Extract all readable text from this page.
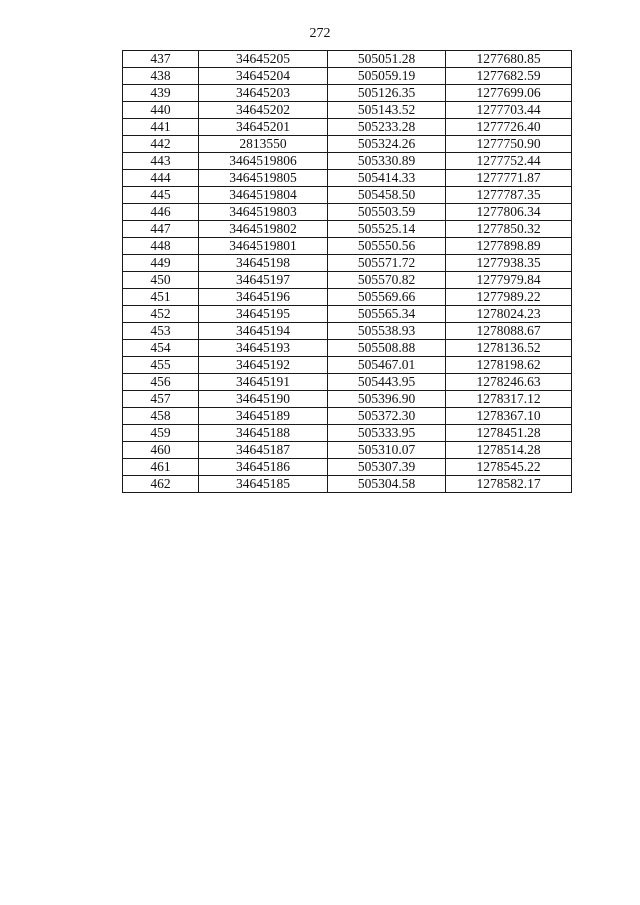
272
437	34645205	505051.28	1277680.85
438	34645204	505059.19	1277682.59
439	34645203	505126.35	1277699.06
440	34645202	505143.52	1277703.44
441	34645201	505233.28	1277726.40
442	2813550	505324.26	1277750.90
443	3464519806	505330.89	1277752.44
444	3464519805	505414.33	1277771.87
445	3464519804	505458.50	1277787.35
446	3464519803	505503.59	1277806.34
447	3464519802	505525.14	1277850.32
448	3464519801	505550.56	1277898.89
449	34645198	505571.72	1277938.35
450	34645197	505570.82	1277979.84
451	34645196	505569.66	1277989.22
452	34645195	505565.34	1278024.23
453	34645194	505538.93	1278088.67
454	34645193	505508.88	1278136.52
455	34645192	505467.01	1278198.62
456	34645191	505443.95	1278246.63
457	34645190	505396.90	1278317.12
458	34645189	505372.30	1278367.10
459	34645188	505333.95	1278451.28
460	34645187	505310.07	1278514.28
461	34645186	505307.39	1278545.22
462	34645185	505304.58	1278582.17
